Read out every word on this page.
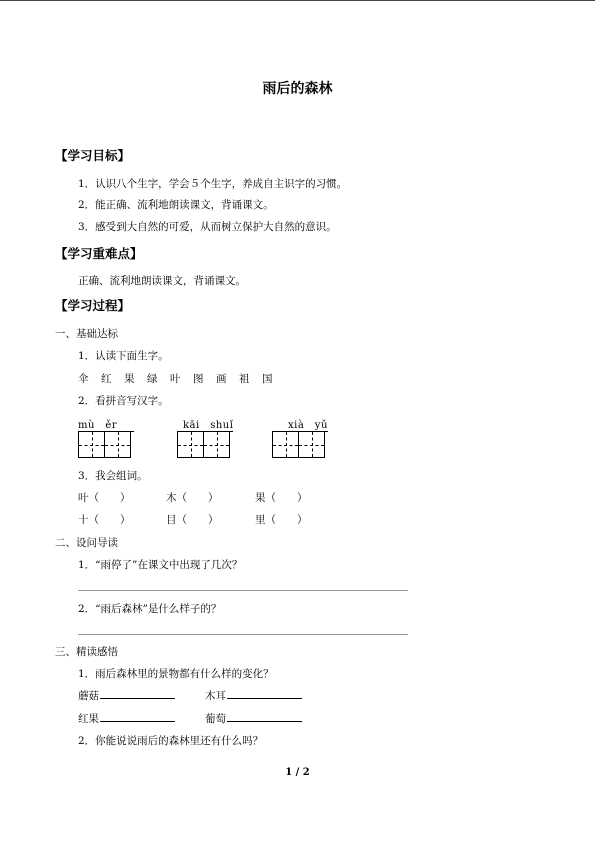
雨后的森林
【学习目标】
1．认识八个生字，学会５个生字，养成自主识字的习惯。
2．能正确、流利地朗读课文，背诵课文。
3．感受到大自然的可爱，从而树立保护大自然的意识。
【学习重难点】
正确、流利地朗读课文，背诵课文。
【学习过程】
一、基础达标
1．认读下面生字。
伞　红　果　绿　叶　图　画　祖　国
2．看拼音写汉字。
mù　ěr	kāi　shuǐ	xià　yǔ
3．我会组词。
叶（　　）	木（　　）	果（　　）
十（　　）	目（　　）	里（　　）
二、设问导读
1．“雨停了”在课文中出现了几次？
2．“雨后森林”是什么样子的？
三、精读感悟
1．雨后森林里的景物都有什么样的变化？
蘑菇	木耳
红果	葡萄
2．你能说说雨后的森林里还有什么吗？
1 / 2
